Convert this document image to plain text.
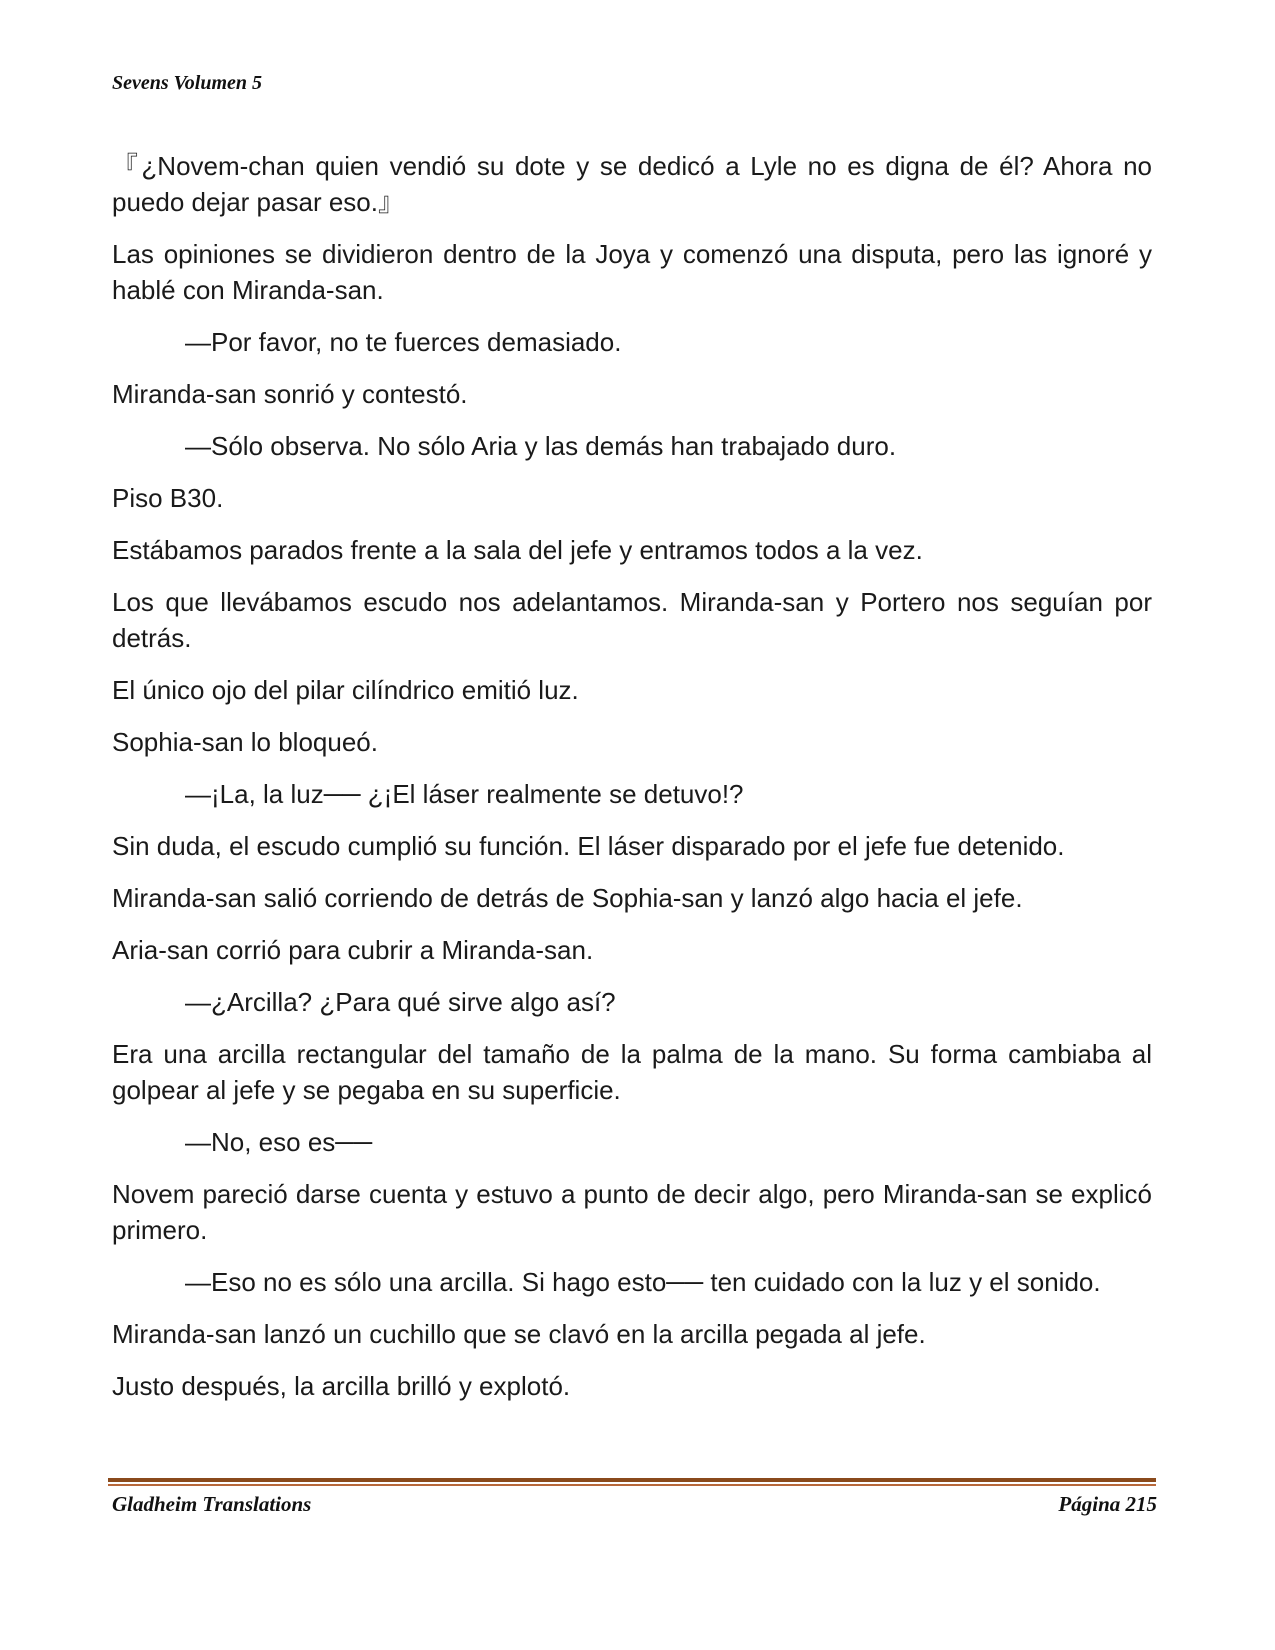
Sevens Volumen 5

『¿Novem-chan quien vendió su dote y se dedicó a Lyle no es digna de él? Ahora no puedo dejar pasar eso.』

Las opiniones se dividieron dentro de la Joya y comenzó una disputa, pero las ignoré y hablé con Miranda-san.

—Por favor, no te fuerces demasiado.

Miranda-san sonrió y contestó.

—Sólo observa. No sólo Aria y las demás han trabajado duro.

Piso B30.

Estábamos parados frente a la sala del jefe y entramos todos a la vez.

Los que llevábamos escudo nos adelantamos. Miranda-san y Portero nos seguían por detrás.

El único ojo del pilar cilíndrico emitió luz.

Sophia-san lo bloqueó.

—¡La, la luz── ¿¡El láser realmente se detuvo!?

Sin duda, el escudo cumplió su función. El láser disparado por el jefe fue detenido.

Miranda-san salió corriendo de detrás de Sophia-san y lanzó algo hacia el jefe.

Aria-san corrió para cubrir a Miranda-san.

—¿Arcilla? ¿Para qué sirve algo así?

Era una arcilla rectangular del tamaño de la palma de la mano. Su forma cambiaba al golpear al jefe y se pegaba en su superficie.

—No, eso es──

Novem pareció darse cuenta y estuvo a punto de decir algo, pero Miranda-san se explicó primero.

—Eso no es sólo una arcilla. Si hago esto── ten cuidado con la luz y el sonido.

Miranda-san lanzó un cuchillo que se clavó en la arcilla pegada al jefe.

Justo después, la arcilla brilló y explotó.

Gladheim Translations	Página 215
